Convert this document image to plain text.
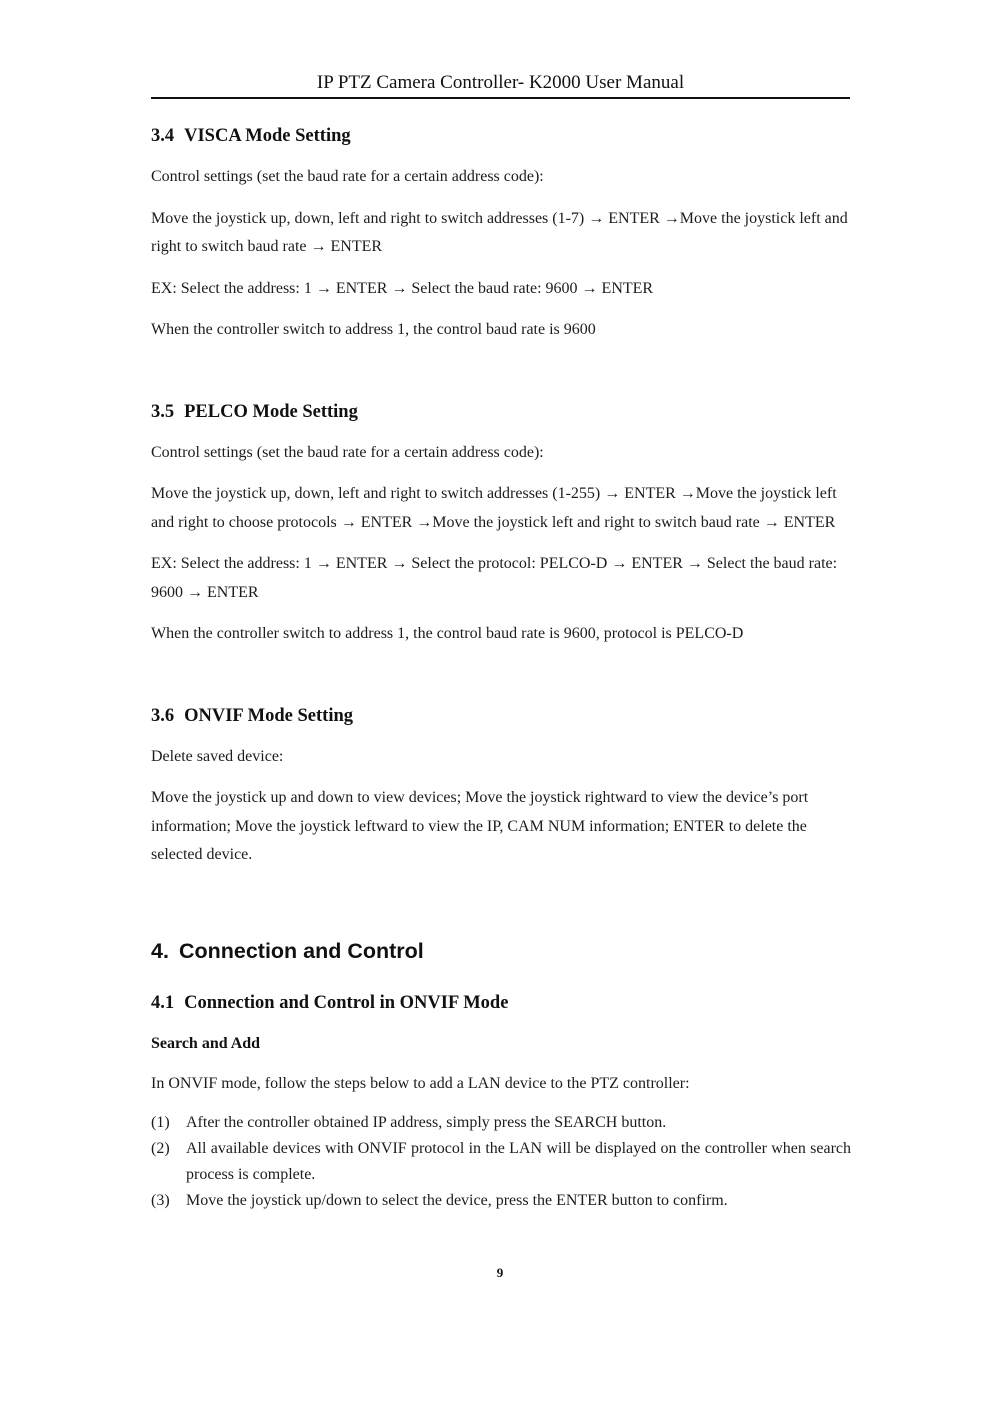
IP PTZ Camera Controller- K2000 User Manual
3.4 VISCA Mode Setting

Control settings (set the baud rate for a certain address code):

Move the joystick up, down, left and right to switch addresses (1-7) → ENTER →Move the joystick left and right to switch baud rate → ENTER

EX: Select the address: 1 → ENTER → Select the baud rate: 9600 → ENTER

When the controller switch to address 1, the control baud rate is 9600

3.5 PELCO Mode Setting

Control settings (set the baud rate for a certain address code):

Move the joystick up, down, left and right to switch addresses (1-255) → ENTER →Move the joystick left and right to choose protocols → ENTER →Move the joystick left and right to switch baud rate → ENTER

EX: Select the address: 1 → ENTER → Select the protocol: PELCO-D → ENTER → Select the baud rate: 9600 → ENTER

When the controller switch to address 1, the control baud rate is 9600, protocol is PELCO-D

3.6 ONVIF Mode Setting

Delete saved device:

Move the joystick up and down to view devices; Move the joystick rightward to view the device’s port information; Move the joystick leftward to view the IP, CAM NUM information; ENTER to delete the selected device.

4. Connection and Control
4.1 Connection and Control in ONVIF Mode
Search and Add

In ONVIF mode, follow the steps below to add a LAN device to the PTZ controller:

(1) After the controller obtained IP address, simply press the SEARCH button.
(2) All available devices with ONVIF protocol in the LAN will be displayed on the controller when search process is complete.
(3) Move the joystick up/down to select the device, press the ENTER button to confirm.
9
